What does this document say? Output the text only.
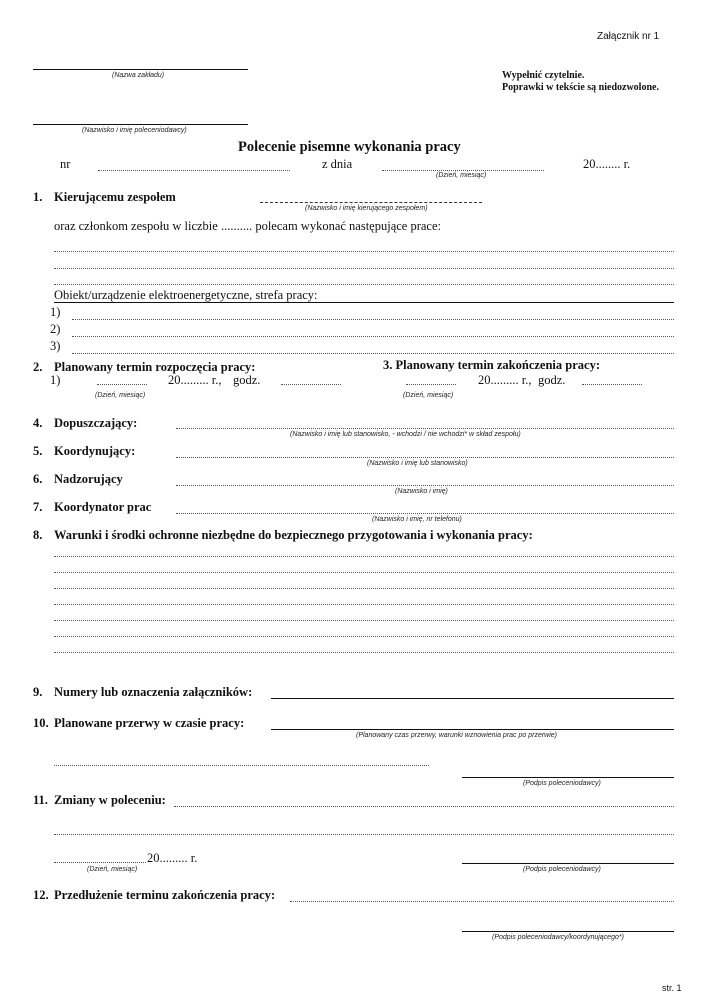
Załącznik nr 1
(Nazwa zakładu)	Wypełnić czytelnie.
Poprawki w tekście są niedozwolone.
(Nazwisko i imię poleceniodawcy)
Polecenie pisemne wykonania pracy
nr	z dnia
(Dzień, miesiąc)
20........ r.
1. Kierującemu zespołem
(Nazwisko i imię kierującego zespołem)
oraz członkom zespołu w liczbie .......... polecam wykonać następujące prace:
Obiekt/urządzenie elektroenergetyczne, strefa pracy:
1)
2)
3)
2. Planowany termin rozpoczęcia pracy:	3. Planowany termin zakończenia pracy:
1)	20......... r., godz.
(Dzień, miesiąc)
20......... r., godz.
(Dzień, miesiąc)
4. Dopuszczający:
(Nazwisko i imię lub stanowisko, - wchodzi / nie wchodzi* w skład zespołu)
5. Koordynujący:
(Nazwisko i imię lub stanowisko)
6. Nadzorujący
(Nazwisko i imię)
7. Koordynator prac
(Nazwisko i imię, nr telefonu)
8. Warunki i środki ochronne niezbędne do bezpiecznego przygotowania i wykonania pracy:
9. Numery lub oznaczenia załączników:
10. Planowane przerwy w czasie pracy:
(Planowany czas przerwy, warunki wznowienia prac po przerwie)
(Podpis poleceniodawcy)
11. Zmiany w poleceniu:
20......... r.
(Dzień, miesiąc)	(Podpis poleceniodawcy)
12. Przedłużenie terminu zakończenia pracy:
(Podpis poleceniodawcy/koordynującego*)
str. 1
